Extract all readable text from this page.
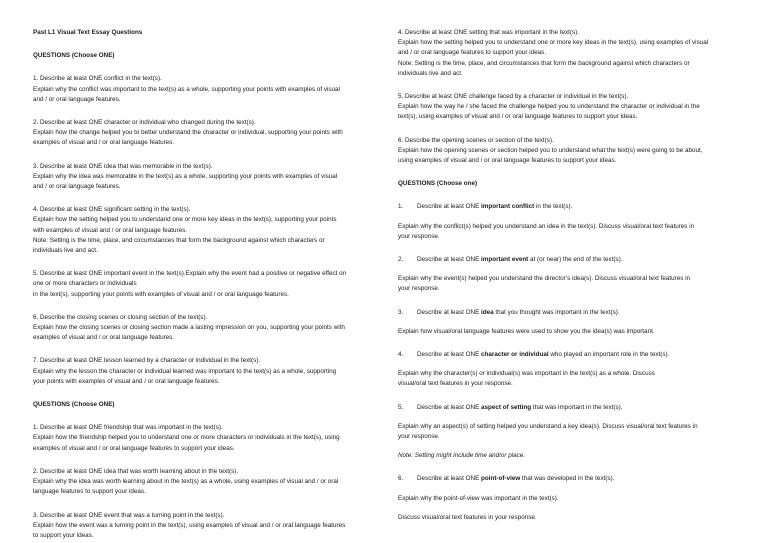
Past L1 Visual Text Essay Questions

QUESTIONS (Choose ONE)

1. Describe at least ONE conflict in the text(s).

Explain why the conflict was important to the text(s) as a whole, supporting your points with examples of visual

and / or oral language features.

2. Describe at least ONE character or individual who changed during the text(s).

Explain how the change helped you to better understand the character or individual, supporting your points with

examples of visual and / or oral language features.

3. Describe at least ONE idea that was memorable in the text(s).

Explain why the idea was memorable in the text(s) as a whole, supporting your points with examples of visual

and / or oral language features.

4. Describe at least ONE significant setting in the text(s).

Explain how the setting helped you to understand one or more key ideas in the text(s), supporting your points

with examples of visual and / or oral language features.

Note: Setting is the time, place, and circumstances that form the background against which characters or

individuals live and act.

5. Describe at least ONE important event in the text(s).Explain why the event had a positive or negative effect on

one or more characters or individuals

in the text(s), supporting your points with examples of visual and / or oral language features.

6. Describe the closing scenes or closing section of the text(s).

Explain how the closing scenes or closing section made a lasting impression on you, supporting your points with

examples of visual and / or oral language features.

7. Describe at least ONE lesson learned by a character or individual in the text(s).

Explain why the lesson the character or individual learned was important to the text(s) as a whole, supporting

your points with examples of visual and / or oral language features.

QUESTIONS (Choose ONE)

1. Describe at least ONE friendship that was important in the text(s).

Explain how the friendship helped you to understand one or more characters or individuals in the text(s), using

examples of visual and / or oral language features to support your ideas.

2. Describe at least ONE idea that was worth learning about in the text(s).

Explain why the idea was worth learning about in the text(s) as a whole, using examples of visual and / or oral

language features to support your ideas.

3. Describe at least ONE event that was a turning point in the text(s).

Explain how the event was a turning point in the text(s), using examples of visual and / or oral language features

to support your ideas.

4. Describe at least ONE setting that was important in the text(s).

Explain how the setting helped you to understand one or more key ideas in the text(s), using examples of visual

and / or oral language features to support your ideas.

Note: Setting is the time, place, and circumstances that form the background against which characters or

individuals live and act.

5. Describe at least ONE challenge faced by a character or individual in the text(s).

Explain how the way he / she faced the challenge helped you to understand the character or individual in the

text(s), using examples of visual and / or oral language features to support your ideas.

6. Describe the opening scenes or section of the text(s).

Explain how the opening scenes or section helped you to understand what the text(s) were going to be about,

using examples of visual and / or oral language features to support your ideas.

QUESTIONS (Choose one)

1. Describe at least ONE important conflict in the text(s).

Explain why the conflict(s) helped you understand an idea in the text(s). Discuss visual/oral text features in

your response.

2. Describe at least ONE important event at (or near) the end of the text(s).

Explain why the event(s) helped you understand the director’s idea(s). Discuss visual/oral text features in

your response.

3. Describe at least ONE idea that you thought was important in the text(s).

Explain how visual/oral language features were used to show you the idea(s) was important.

4. Describe at least ONE character or individual who played an important role in the text(s).

Explain why the character(s) or individual(s) was important in the text(s) as a whole. Discuss

visual/oral text features in your response.

5. Describe at least ONE aspect of setting that was important in the text(s).

Explain why an aspect(s) of setting helped you understand a key idea(s). Discuss visual/oral text features in

your response.

Note: Setting might include time and/or place.

6. Describe at least ONE point-of-view that was developed in the text(s).

Explain why the point-of-view was important in the text(s).

Discuss visual/oral text features in your response.
